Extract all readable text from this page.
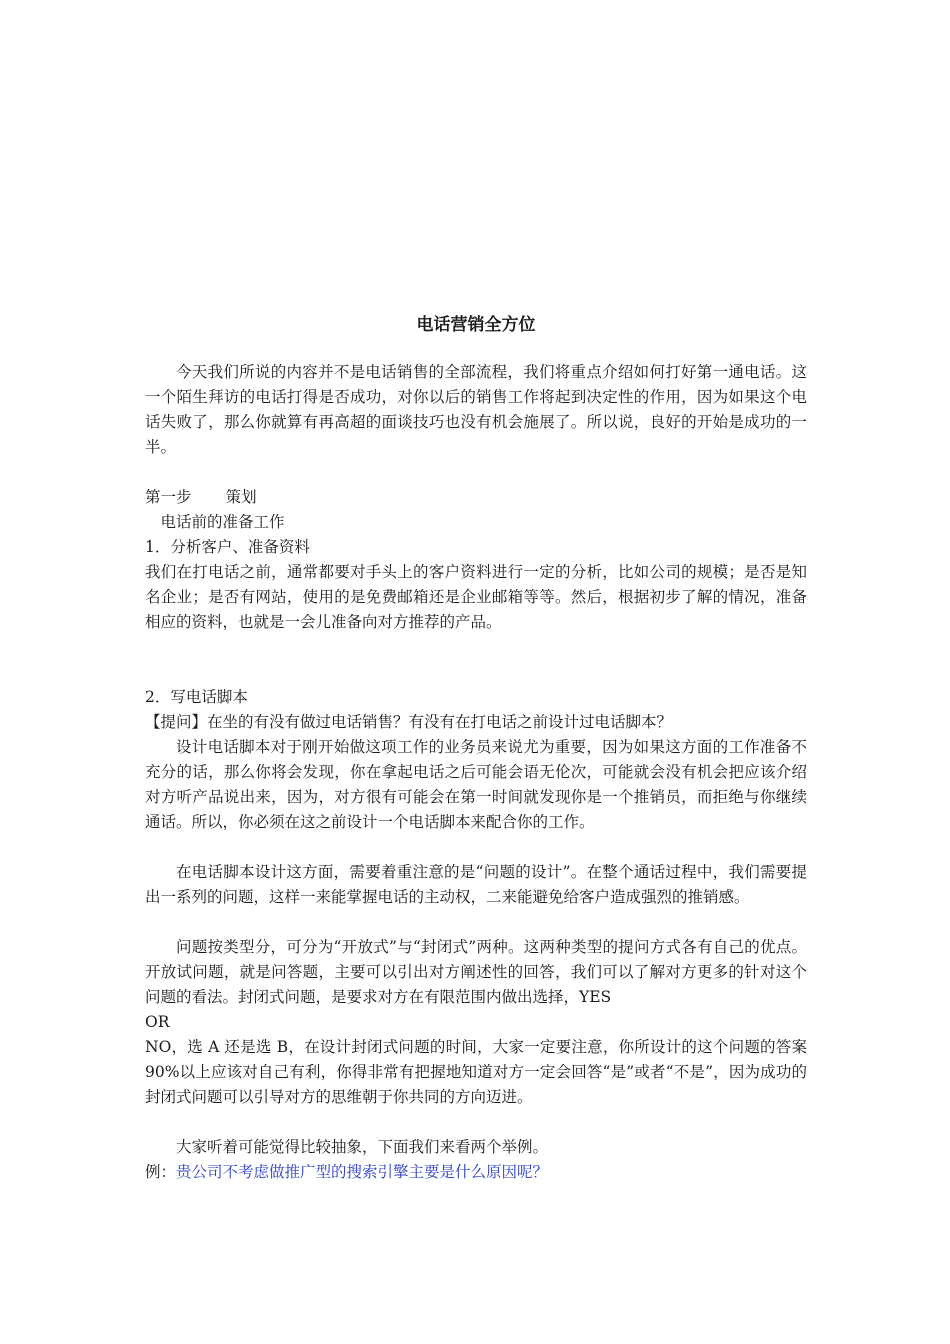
电话营销全方位

今天我们所说的内容并不是电话销售的全部流程，我们将重点介绍如何打好第一通电话。这一个陌生拜访的电话打得是否成功，对你以后的销售工作将起到决定性的作用，因为如果这个电话失败了，那么你就算有再高超的面谈技巧也没有机会施展了。所以说，良好的开始是成功的一半。

第一步 策划

电话前的准备工作

1．分析客户、准备资料

我们在打电话之前，通常都要对手头上的客户资料进行一定的分析，比如公司的规模；是否是知名企业；是否有网站，使用的是免费邮箱还是企业邮箱等等。然后，根据初步了解的情况，准备相应的资料，也就是一会儿准备向对方推荐的产品。

2．写电话脚本

【提问】在坐的有没有做过电话销售？有没有在打电话之前设计过电话脚本？

设计电话脚本对于刚开始做这项工作的业务员来说尤为重要，因为如果这方面的工作准备不充分的话，那么你将会发现，你在拿起电话之后可能会语无伦次，可能就会没有机会把应该介绍对方听产品说出来，因为，对方很有可能会在第一时间就发现你是一个推销员，而拒绝与你继续通话。所以，你必须在这之前设计一个电话脚本来配合你的工作。

在电话脚本设计这方面，需要着重注意的是“问题的设计”。在整个通话过程中，我们需要提出一系列的问题，这样一来能掌握电话的主动权，二来能避免给客户造成强烈的推销感。

问题按类型分，可分为“开放式”与“封闭式”两种。这两种类型的提问方式各有自己的优点。开放试问题，就是问答题，主要可以引出对方阐述性的回答，我们可以了解对方更多的针对这个问题的看法。封闭式问题，是要求对方在有限范围内做出选择，YES

OR

NO，选 A 还是选 B，在设计封闭式问题的时间，大家一定要注意，你所设计的这个问题的答案 90%以上应该对自己有利，你得非常有把握地知道对方一定会回答“是”或者“不是”，因为成功的封闭式问题可以引导对方的思维朝于你共同的方向迈进。

大家听着可能觉得比较抽象，下面我们来看两个举例。

例：贵公司不考虑做推广型的搜索引擎主要是什么原因呢？
